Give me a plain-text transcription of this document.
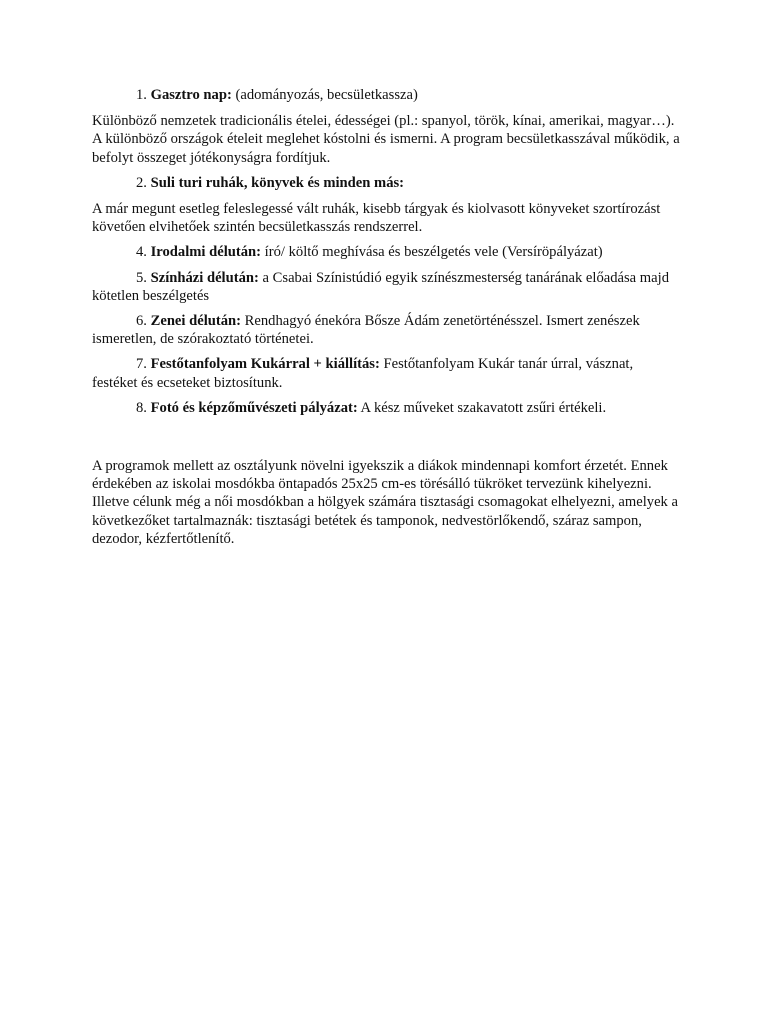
1. Gasztro nap: (adományozás, becsületkassza)

Különböző nemzetek tradicionális ételei, édességei (pl.: spanyol, török, kínai, amerikai, magyar…). A különböző országok ételeit meglehet kóstolni és ismerni. A program becsületkasszával működik, a befolyt összeget jótékonyságra fordítjuk.

2. Suli turi ruhák, könyvek és minden más:

A már megunt esetleg feleslegessé vált ruhák, kisebb tárgyak és kiolvasott könyveket szortírozást követően elvihetőek szintén becsületkasszás rendszerrel.

4. Irodalmi délután: író/ költő meghívása és beszélgetés vele (Versíröpályázat)

5. Színházi délután: a Csabai Színistúdió egyik színészmesterség tanárának előadása majd kötetlen beszélgetés

6. Zenei délután: Rendhagyó énekóra Bősze Ádám zenetörténésszel. Ismert zenészek ismeretlen, de szórakoztató történetei.

7. Festőtanfolyam Kukárral + kiállítás: Festőtanfolyam Kukár tanár úrral, vásznat, festéket és ecseteket biztosítunk.

8. Fotó és képzőművészeti pályázat: A kész műveket szakavatott zsűri értékeli.

A programok mellett az osztályunk növelni igyekszik a diákok mindennapi komfort érzetét. Ennek érdekében az iskolai mosdókba öntapadós 25x25 cm-es törésálló tükröket tervezünk kihelyezni. Illetve célunk még a női mosdókban a hölgyek számára tisztasági csomagokat elhelyezni, amelyek a következőket tartalmaznák: tisztasági betétek és tamponok, nedvestörlőkendő, száraz sampon, dezodor, kézfertőtlenítő.
